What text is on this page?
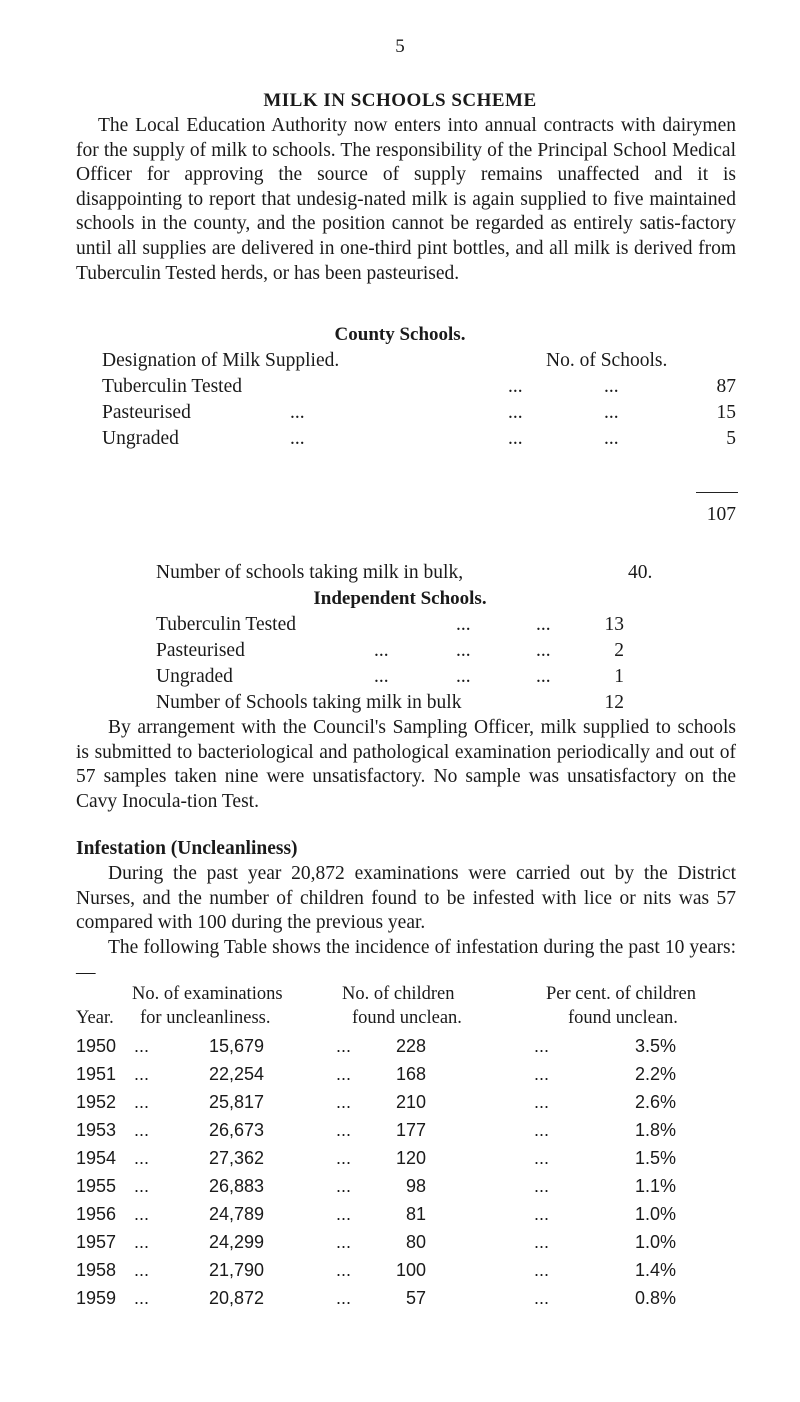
5
MILK IN SCHOOLS SCHEME

The Local Education Authority now enters into annual contracts with dairymen for the supply of milk to schools. The responsibility of the Principal School Medical Officer for approving the source of supply remains unaffected and it is disappointing to report that undesig-nated milk is again supplied to five maintained schools in the county, and the position cannot be regarded as entirely satis-factory until all supplies are delivered in one-third pint bottles, and all milk is derived from Tuberculin Tested herds, or has been pasteurised.

County Schools.
Designation of Milk Supplied.	No. of Schools.
Tuberculin Tested	...	...	87
Pasteurised	...	...	...	15
Ungraded	...	...	...	5
107
Number of schools taking milk in bulk,	40.
Independent Schools.
Tuberculin Tested	...	...	13
Pasteurised	...	...	...	2
Ungraded	...	...	...	1
Number of Schools taking milk in bulk	12

By arrangement with the Council's Sampling Officer, milk supplied to schools is submitted to bacteriological and pathological examination periodically and out of 57 samples taken nine were unsatisfactory. No sample was unsatisfactory on the Cavy Inocula-tion Test.

Infestation (Uncleanliness)

During the past year 20,872 examinations were carried out by the District Nurses, and the number of children found to be infested with lice or nits was 57 compared with 100 during the previous year.

The following Table shows the incidence of infestation during the past 10 years:—

No. of examinations
for uncleanliness.
Year.
No. of children
found unclean.
Per cent. of children
found unclean.
1950 ...	15,679	...	228	...	3.5%
1951 ...	22,254	...	168	...	2.2%
1952 ...	25,817	...	210	...	2.6%
1953 ...	26,673	...	177	...	1.8%
1954 ...	27,362	...	120	...	1.5%
1955 ...	26,883	...	98	...	1.1%
1956 ...	24,789	...	81	...	1.0%
1957 ...	24,299	...	80	...	1.0%
1958 ...	21,790	...	100	...	1.4%
1959 ...	20,872	...	57	...	0.8%
